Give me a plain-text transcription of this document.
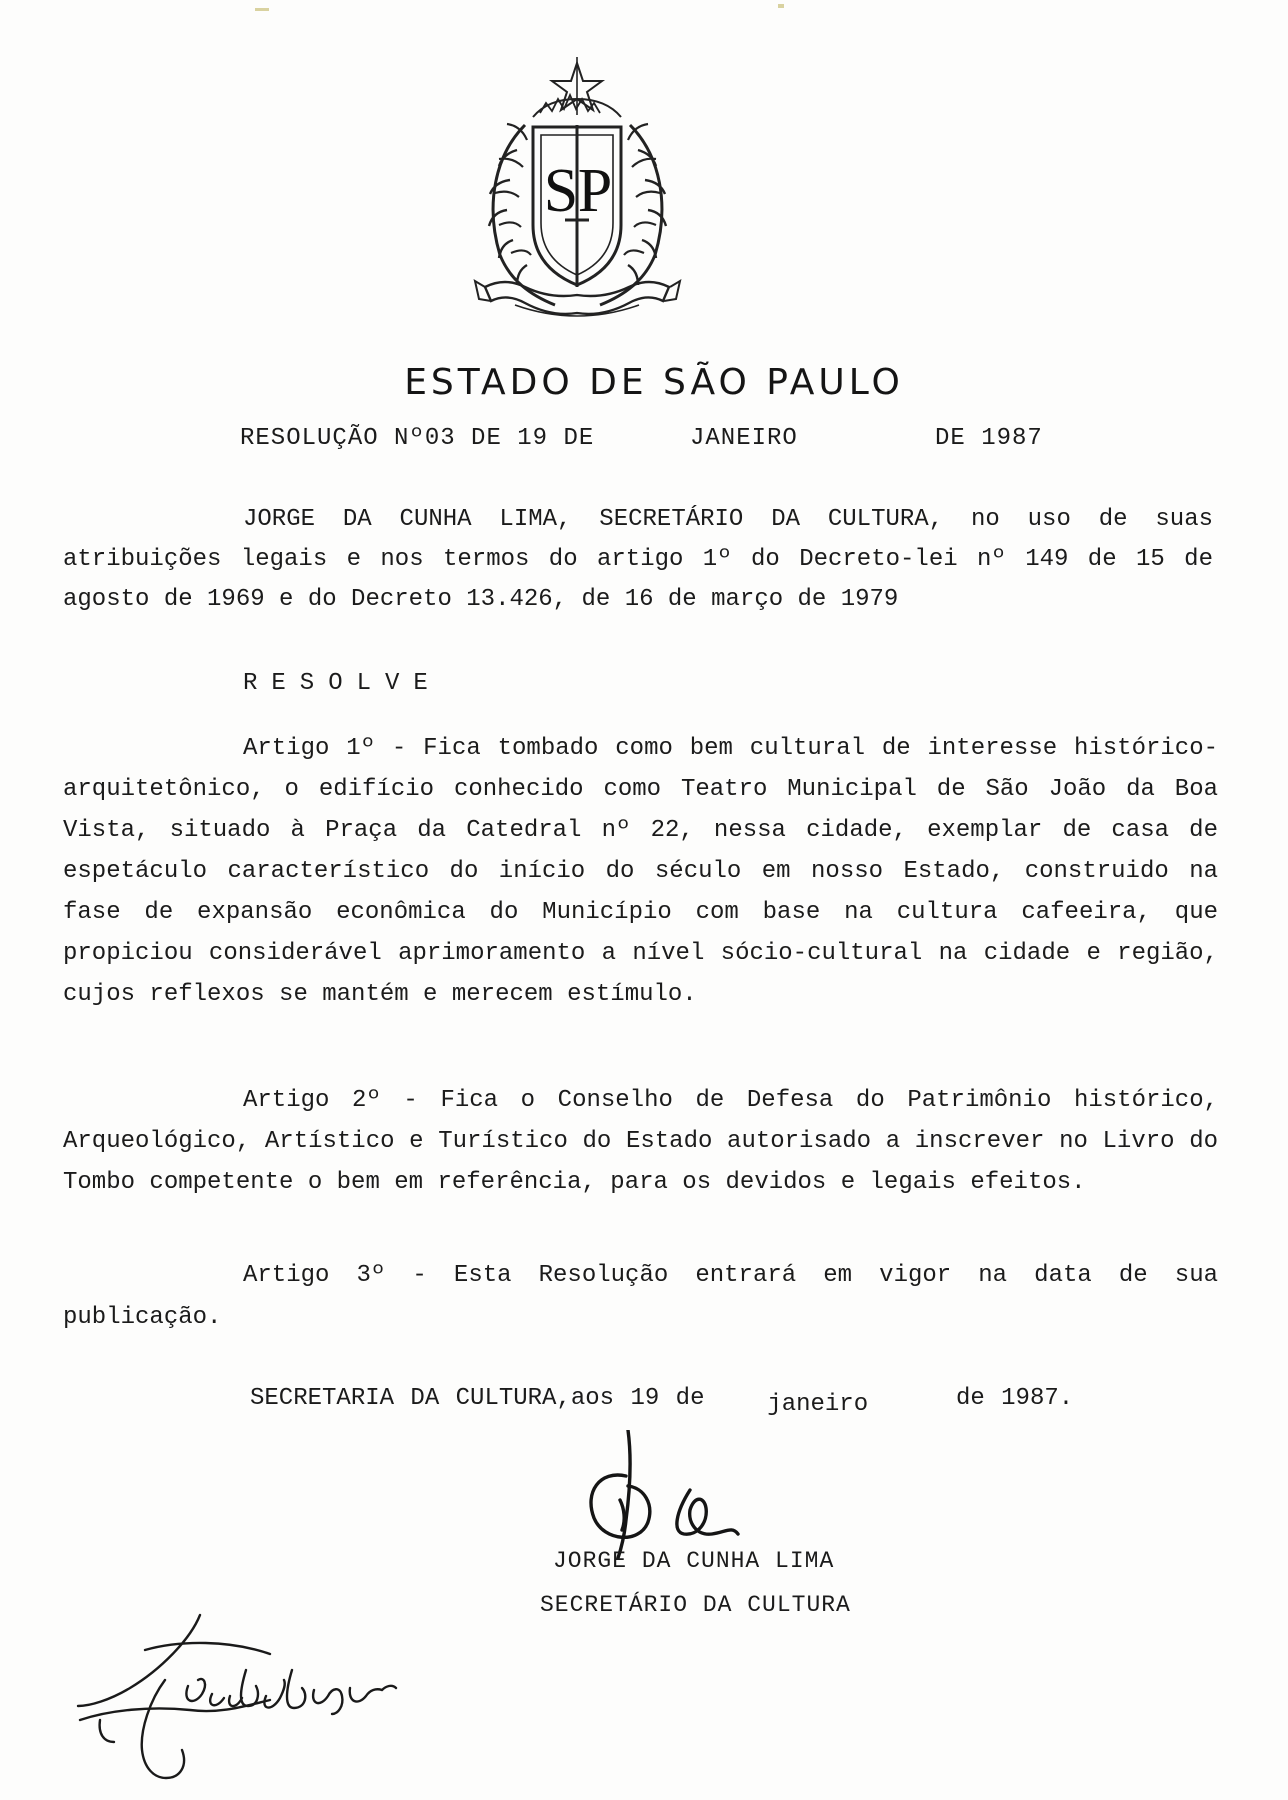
S P
ESTADO DE SÃO PAULO
RESOLUÇÃO Nº03 DE 19 DE	JANEIRO	DE 1987

JORGE DA CUNHA LIMA, SECRETÁRIO DA CULTURA, no uso de suas atribuições legais e nos termos do artigo 1º do Decreto-lei nº 149 de 15 de agosto de 1969 e do Decreto 13.426, de 16 de março de 1979

RESOLVE

Artigo 1º - Fica tombado como bem cultural de interesse histórico-arquitetônico, o edifício conhecido como Teatro Municipal de São João da Boa Vista, situado à Praça da Catedral nº 22, nessa cidade, exemplar de casa de espetáculo característico do início do século em nosso Estado, construido na fase de expansão econômica do Município com base na cultura cafeeira, que propiciou considerável aprimoramento a nível sócio-cultural na cidade e região, cujos reflexos se mantém e merecem estímulo.

Artigo 2º - Fica o Conselho de Defesa do Patrimônio histórico, Arqueológico, Artístico e Turístico do Estado autorisado a inscrever no Livro do Tombo competente o bem em referência, para os devidos e legais efeitos.

Artigo 3º - Esta Resolução entrará em vigor na data de sua publicação.

SECRETARIA DA CULTURA,aos 19 de	janeiro	de 1987.
JORGE DA CUNHA LIMA
SECRETÁRIO DA CULTURA
